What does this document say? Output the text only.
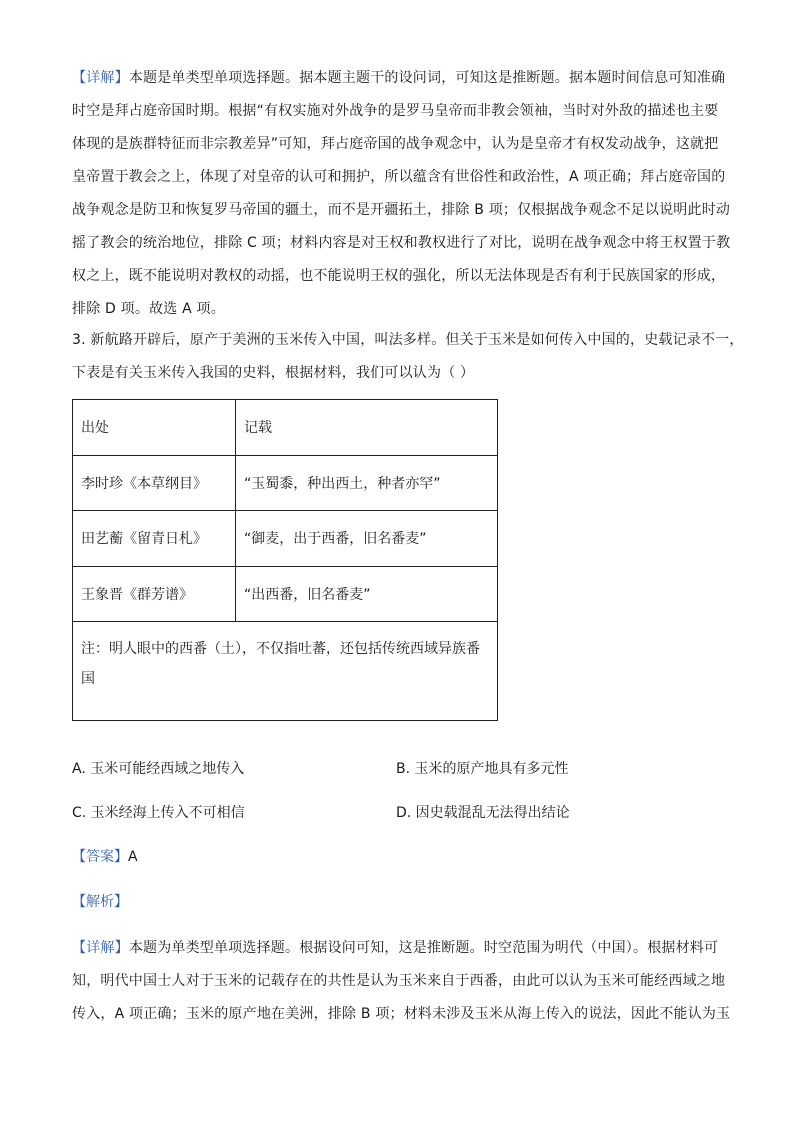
【详解】本题是单类型单项选择题。据本题主题干的设问词，可知这是推断题。据本题时间信息可知准确
时空是拜占庭帝国时期。根据“有权实施对外战争的是罗马皇帝而非教会领袖，当时对外敌的描述也主要
体现的是族群特征而非宗教差异”可知，拜占庭帝国的战争观念中，认为是皇帝才有权发动战争，这就把
皇帝置于教会之上，体现了对皇帝的认可和拥护，所以蕴含有世俗性和政治性，A 项正确；拜占庭帝国的
战争观念是防卫和恢复罗马帝国的疆土，而不是开疆拓土，排除 B 项；仅根据战争观念不足以说明此时动
摇了教会的统治地位，排除 C 项；材料内容是对王权和教权进行了对比，说明在战争观念中将王权置于教
权之上，既不能说明对教权的动摇，也不能说明王权的强化，所以无法体现是否有利于民族国家的形成，
排除 D 项。故选 A 项。
3. 新航路开辟后，原产于美洲的玉米传入中国，叫法多样。但关于玉米是如何传入中国的，史载记录不一，
下表是有关玉米传入我国的史料，根据材料，我们可以认为（ ）
出处	记载
李时珍《本草纲目》	“玉蜀黍，种出西土，种者亦罕”
田艺蘅《留青日札》	“御麦，出于西番，旧名番麦”
王象晋《群芳谱》	“出西番，旧名番麦”

注：明人眼中的西番（土），不仅指吐蕃，还包括传统西域异族番
国	
A. 玉米可能经西域之地传入	B. 玉米的原产地具有多元性
C. 玉米经海上传入不可相信	D. 因史载混乱无法得出结论
【答案】A
【解析】
【详解】本题为单类型单项选择题。根据设问可知，这是推断题。时空范围为明代（中国）。根据材料可
知，明代中国士人对于玉米的记载存在的共性是认为玉米来自于西番，由此可以认为玉米可能经西域之地
传入，A 项正确；玉米的原产地在美洲，排除 B 项；材料未涉及玉米从海上传入的说法，因此不能认为玉
